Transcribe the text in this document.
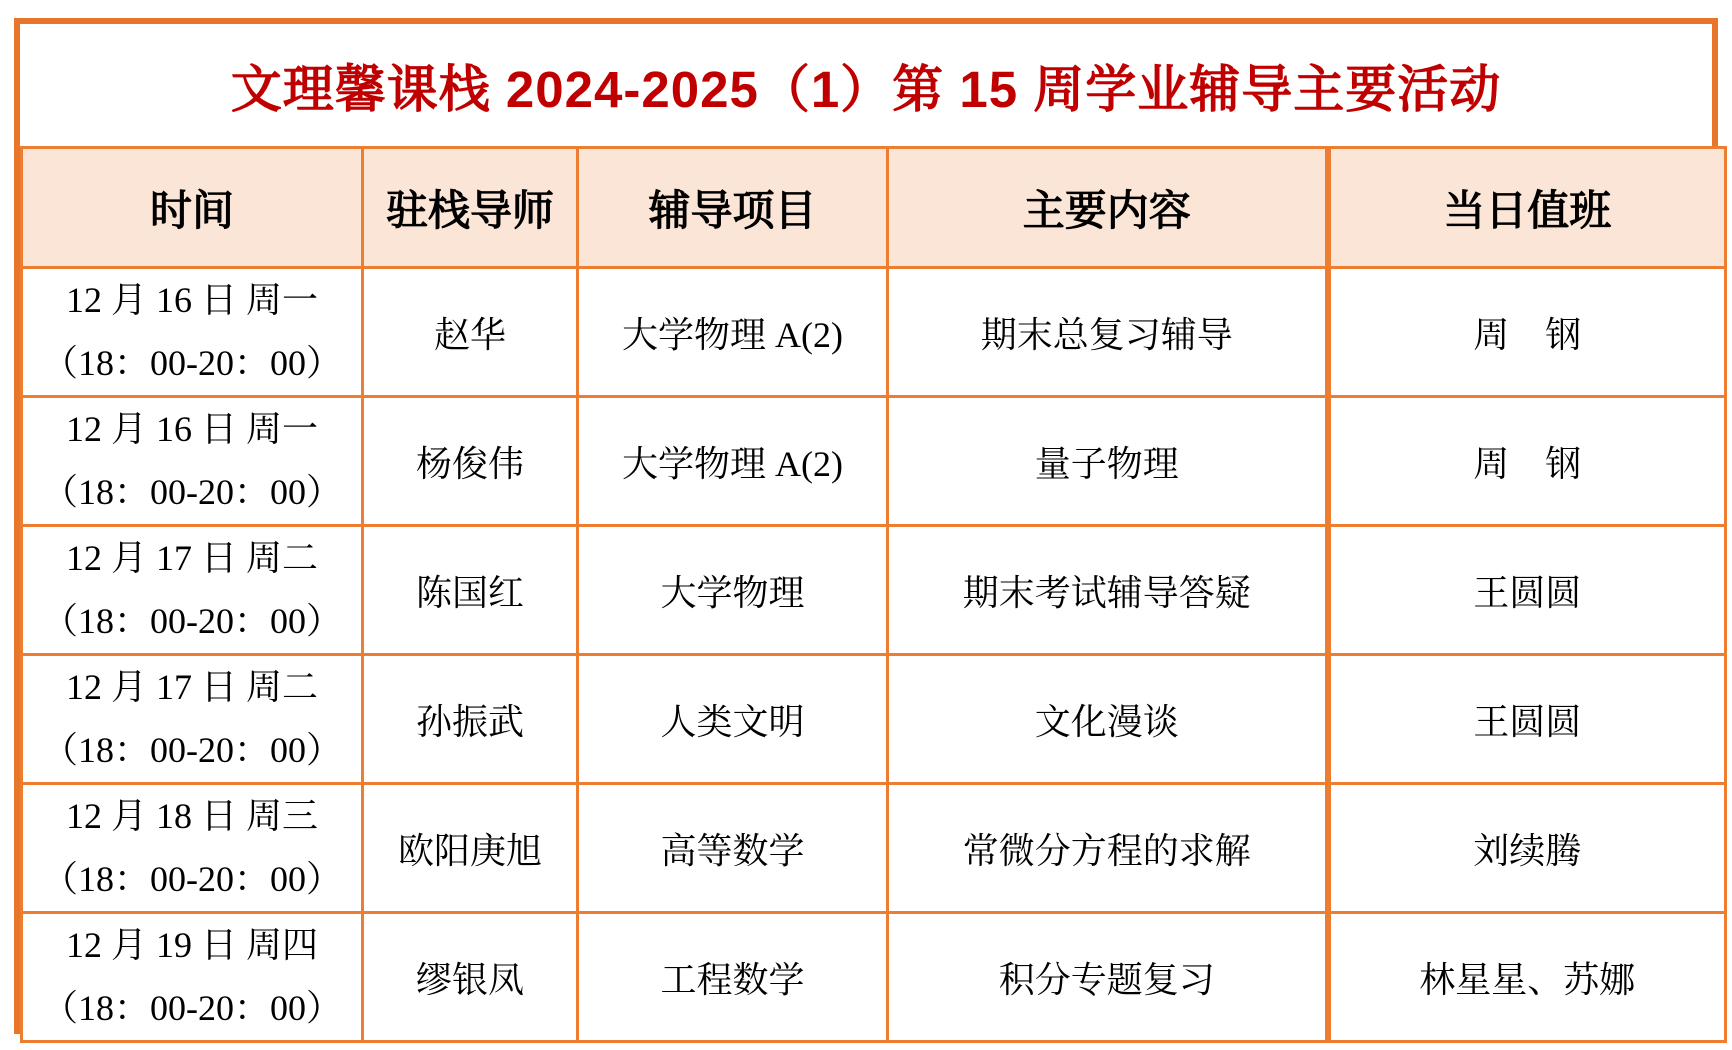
文理馨课栈 2024-2025（1）第 15 周学业辅导主要活动
时间	驻栈导师	辅导项目	主要内容	当日值班

12 月 16 日 周一
（18：00-20：00）	赵华	大学物理 A(2)	期末总复习辅导	周　钢

12 月 16 日 周一
（18：00-20：00）	杨俊伟	大学物理 A(2)	量子物理	周　钢

12 月 17 日 周二
（18：00-20：00）	陈国红	大学物理	期末考试辅导答疑	王圆圆

12 月 17 日 周二
（18：00-20：00）	孙振武	人类文明	文化漫谈	王圆圆

12 月 18 日 周三
（18：00-20：00）	欧阳庚旭	高等数学	常微分方程的求解	刘续腾

12 月 19 日 周四
（18：00-20：00）	缪银凤	工程数学	积分专题复习	林星星、苏娜
